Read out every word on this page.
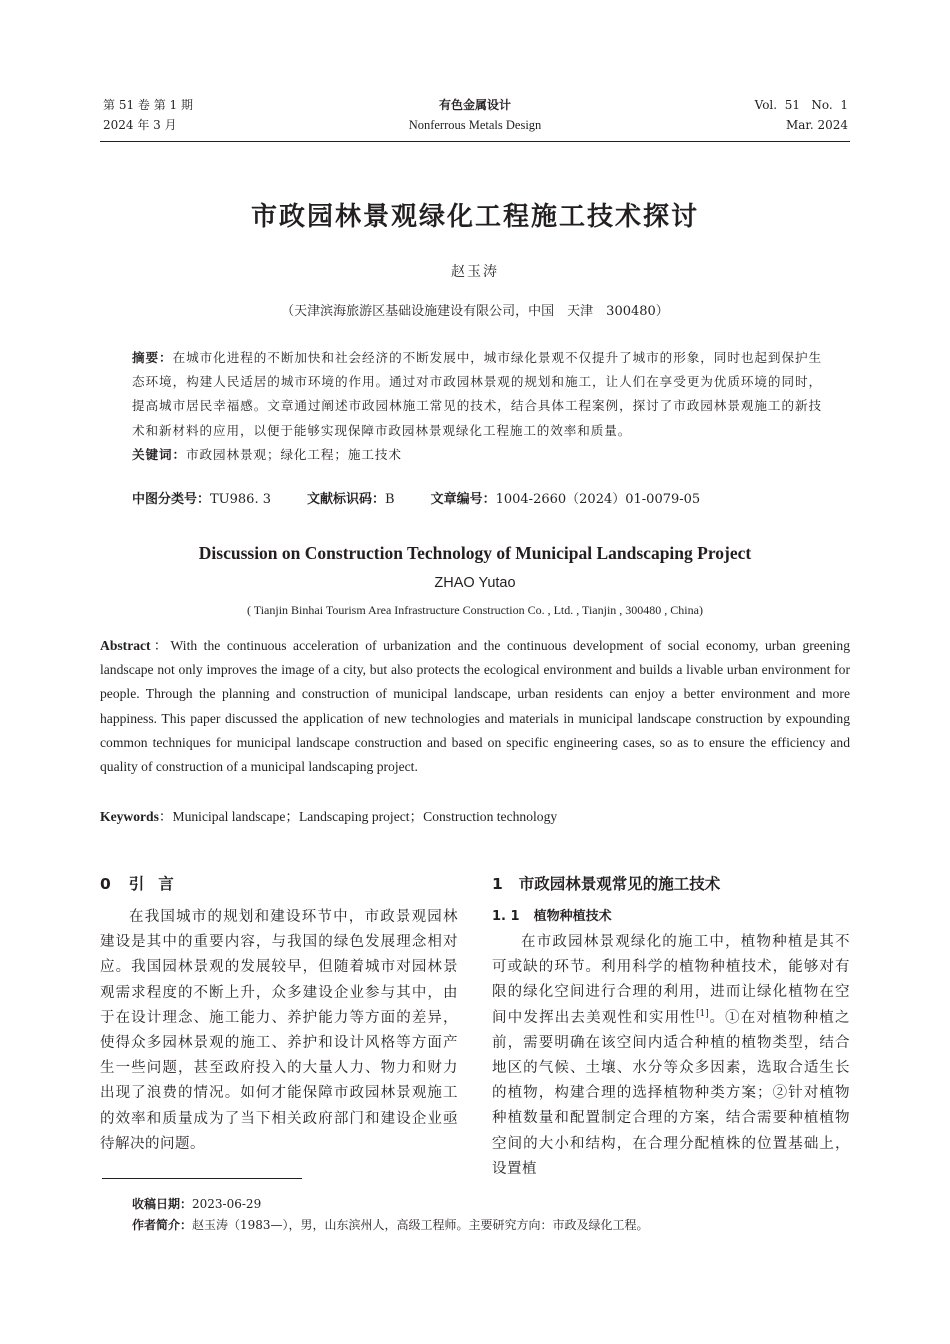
第 51 卷 第 1 期
2024 年 3 月
有色金属设计
Nonferrous Metals Design
Vol.  51   No.  1
Mar. 2024
市政园林景观绿化工程施工技术探讨
赵玉涛
（天津滨海旅游区基础设施建设有限公司，中国　天津　300480）
摘要：在城市化进程的不断加快和社会经济的不断发展中，城市绿化景观不仅提升了城市的形象，同时也起到保护生态环境，构建人民适居的城市环境的作用。通过对市政园林景观的规划和施工，让人们在享受更为优质环境的同时，提高城市居民幸福感。文章通过阐述市政园林施工常见的技术，结合具体工程案例，探讨了市政园林景观施工的新技术和新材料的应用，以便于能够实现保障市政园林景观绿化工程施工的效率和质量。
关键词：市政园林景观；绿化工程；施工技术
中图分类号：TU986. 3	文献标识码：B	文章编号：1004-2660（2024）01-0079-05
Discussion on Construction Technology of Municipal Landscaping Project
ZHAO Yutao
( Tianjin Binhai Tourism Area Infrastructure Construction Co. , Ltd. , Tianjin , 300480 , China)
Abstract：With the continuous acceleration of urbanization and the continuous development of social economy, urban greening landscape not only improves the image of a city, but also protects the ecological environment and builds a livable urban environment for people. Through the planning and construction of municipal landscape, urban residents can enjoy a better environment and more happiness. This paper discussed the application of new technologies and materials in municipal landscape construction by expounding common techniques for municipal landscape construction and based on specific engineering cases, so as to ensure the efficiency and quality of construction of a municipal landscaping project.
Keywords：Municipal landscape；Landscaping project；Construction technology
0 引言

在我国城市的规划和建设环节中，市政景观园林建设是其中的重要内容，与我国的绿色发展理念相对应。我国园林景观的发展较早，但随着城市对园林景观需求程度的不断上升，众多建设企业参与其中，由于在设计理念、施工能力、养护能力等方面的差异，使得众多园林景观的施工、养护和设计风格等方面产生一些问题，甚至政府投入的大量人力、物力和财力出现了浪费的情况。如何才能保障市政园林景观施工的效率和质量成为了当下相关政府部门和建设企业亟待解决的问题。

1 市政园林景观常见的施工技术
1. 1 植物种植技术

在市政园林景观绿化的施工中，植物种植是其不可或缺的环节。利用科学的植物种植技术，能够对有限的绿化空间进行合理的利用，进而让绿化植物在空间中发挥出去美观性和实用性[1]。①在对植物种植之前，需要明确在该空间内适合种植的植物类型，结合地区的气候、土壤、水分等众多因素，选取合适生长的植物，构建合理的选择植物种类方案；②针对植物种植数量和配置制定合理的方案，结合需要种植植物空间的大小和结构，在合理分配植株的位置基础上，设置植

收稿日期：2023-06-29
作者简介：赵玉涛（1983—），男，山东滨州人，高级工程师。主要研究方向：市政及绿化工程。
